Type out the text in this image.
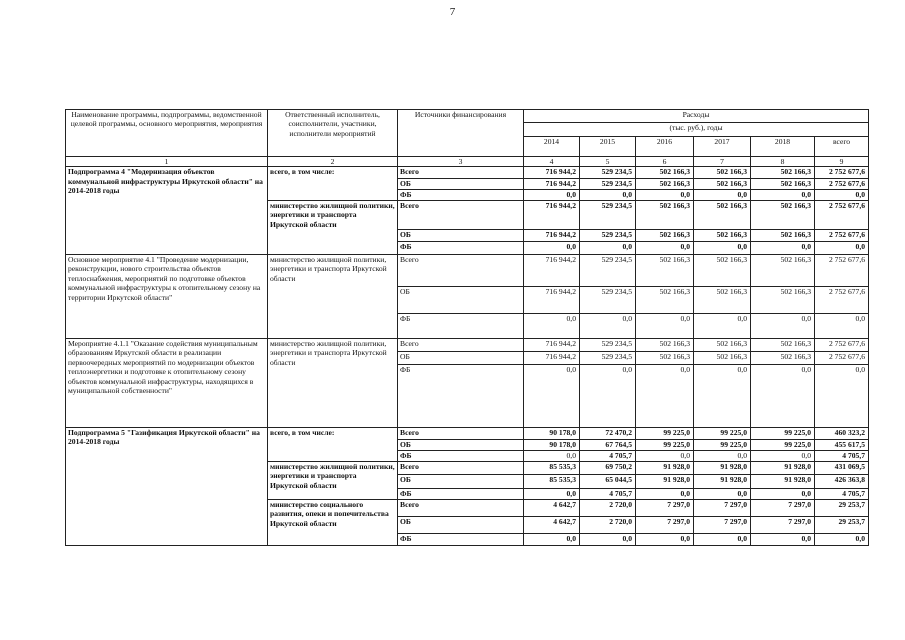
7
Наименование программы, подпрограммы, ведомственной целевой программы, основного мероприятия, мероприятия	Ответственный исполнитель, соисполнители, участники, исполнители мероприятий	Источники финансирования	Расходы					
			(тыс. руб.), годы					
			2014	2015	2016	2017	2018	всего
1	2	3	4	5	6	7	8	9
Подпрограмма 4 "Модернизация объектов коммунальной инфраструктуры Иркутской области" на 2014-2018 годы	всего, в том числе:	Всего	716 944,2	529 234,5	502 166,3	502 166,3	502 166,3	2 752 677,6
		ОБ	716 944,2	529 234,5	502 166,3	502 166,3	502 166,3	2 752 677,6
		ФБ	0,0	0,0	0,0	0,0	0,0	0,0
	министерство жилищной политики, энергетики и транспорта Иркутской области	Всего	716 944,2	529 234,5	502 166,3	502 166,3	502 166,3	2 752 677,6
		ОБ	716 944,2	529 234,5	502 166,3	502 166,3	502 166,3	2 752 677,6
		ФБ	0,0	0,0	0,0	0,0	0,0	0,0
Основное мероприятие 4.1 "Проведение модернизации, реконструкции, нового строительства объектов теплоснабжения, мероприятий по подготовке объектов коммунальной инфраструктуры к отопительному сезону на территории Иркутской области"	министерство жилищной политики, энергетики и транспорта Иркутской области	Всего	716 944,2	529 234,5	502 166,3	502 166,3	502 166,3	2 752 677,6
		ОБ	716 944,2	529 234,5	502 166,3	502 166,3	502 166,3	2 752 677,6
		ФБ	0,0	0,0	0,0	0,0	0,0	0,0
Мероприятие 4.1.1 "Оказание содействия муниципальным образованиям Иркутской области в реализации первоочередных мероприятий по модернизации объектов теплоэнергетики и подготовке к отопительному сезону объектов коммунальной инфраструктуры, находящихся в муниципальной собственности"	министерство жилищной политики, энергетики и транспорта Иркутской области	Всего	716 944,2	529 234,5	502 166,3	502 166,3	502 166,3	2 752 677,6
		ОБ	716 944,2	529 234,5	502 166,3	502 166,3	502 166,3	2 752 677,6
		ФБ	0,0	0,0	0,0	0,0	0,0	0,0
Подпрограмма 5 "Газификация Иркутской области" на 2014-2018 годы	всего, в том числе:	Всего	90 178,0	72 470,2	99 225,0	99 225,0	99 225,0	460 323,2
		ОБ	90 178,0	67 764,5	99 225,0	99 225,0	99 225,0	455 617,5
		ФБ	0,0	4 705,7	0,0	0,0	0,0	4 705,7
	министерство жилищной политики, энергетики и транспорта Иркутской области	Всего	85 535,3	69 750,2	91 928,0	91 928,0	91 928,0	431 069,5
		ОБ	85 535,3	65 044,5	91 928,0	91 928,0	91 928,0	426 363,8
		ФБ	0,0	4 705,7	0,0	0,0	0,0	4 705,7
	министерство социального развития, опеки и попечительства Иркутской области	Всего	4 642,7	2 720,0	7 297,0	7 297,0	7 297,0	29 253,7
		ОБ	4 642,7	2 720,0	7 297,0	7 297,0	7 297,0	29 253,7
		ФБ	0,0	0,0	0,0	0,0	0,0	0,0
